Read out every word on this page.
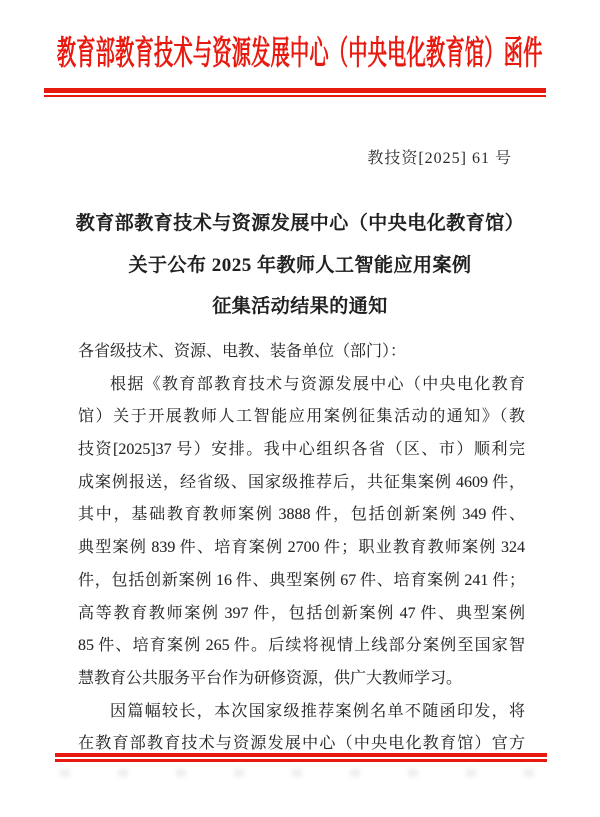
教育部教育技术与资源发展中心（中央电化教育馆）函件
教技资[2025] 61 号
教育部教育技术与资源发展中心（中央电化教育馆）
关于公布 2025 年教师人工智能应用案例
征集活动结果的通知
各省级技术、资源、电教、装备单位（部门）：
根据《教育部教育技术与资源发展中心（中央电化教育
馆）关于开展教师人工智能应用案例征集活动的通知》（教
技资[2025]37 号）安排。我中心组织各省（区、市）顺利完
成案例报送，经省级、国家级推荐后，共征集案例 4609 件，
其中，基础教育教师案例 3888 件，包括创新案例 349 件、
典型案例 839 件、培育案例 2700 件；职业教育教师案例 324
件，包括创新案例 16 件、典型案例 67 件、培育案例 241 件；
高等教育教师案例 397 件，包括创新案例 47 件、典型案例
85 件、培育案例 265 件。后续将视情上线部分案例至国家智
慧教育公共服务平台作为研修资源，供广大教师学习。
因篇幅较长，本次国家级推荐案例名单不随函印发，将
在教育部教育技术与资源发展中心（中央电化教育馆）官方
